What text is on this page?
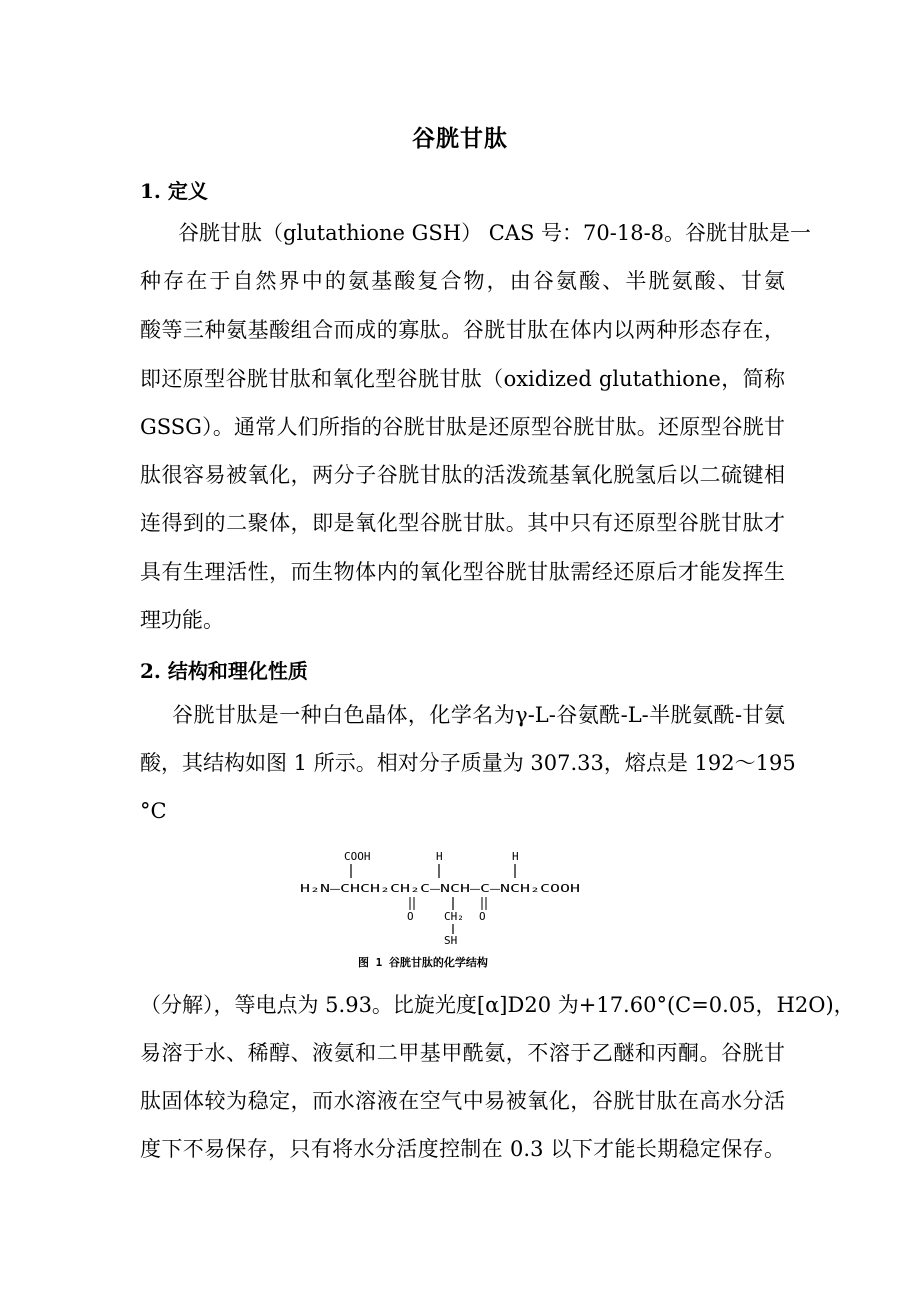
谷胱甘肽
1. 定义
谷胱甘肽（glutathione GSH） CAS 号：70-18-8。谷胱甘肽是一
种存在于自然界中的氨基酸复合物，由谷氨酸、半胱氨酸、甘氨
酸等三种氨基酸组合而成的寡肽。谷胱甘肽在体内以两种形态存在，
即还原型谷胱甘肽和氧化型谷胱甘肽（oxidized glutathione，简称
GSSG）。通常人们所指的谷胱甘肽是还原型谷胱甘肽。还原型谷胱甘
肽很容易被氧化，两分子谷胱甘肽的活泼巯基氧化脱氢后以二硫键相
连得到的二聚体，即是氧化型谷胱甘肽。其中只有还原型谷胱甘肽才
具有生理活性，而生物体内的氧化型谷胱甘肽需经还原后才能发挥生
理功能。
2. 结构和理化性质
谷胱甘肽是一种白色晶体，化学名为γ-L-谷氨酰-L-半胱氨酰-甘氨
酸，其结构如图 1 所示。相对分子质量为 307.33，熔点是 192～195
°C
COOH	H	H
H₂N—CHCH₂CH₂C—NCH—C—NCH₂COOH
O	O
CH₂
SH
图 1 谷胱甘肽的化学结构
（分解），等电点为 5.93。比旋光度[α]D20 为+17.60°(C=0.05，H2O)，
易溶于水、稀醇、液氨和二甲基甲酰氨，不溶于乙醚和丙酮。谷胱甘
肽固体较为稳定，而水溶液在空气中易被氧化，谷胱甘肽在高水分活
度下不易保存，只有将水分活度控制在 0.3 以下才能长期稳定保存。
